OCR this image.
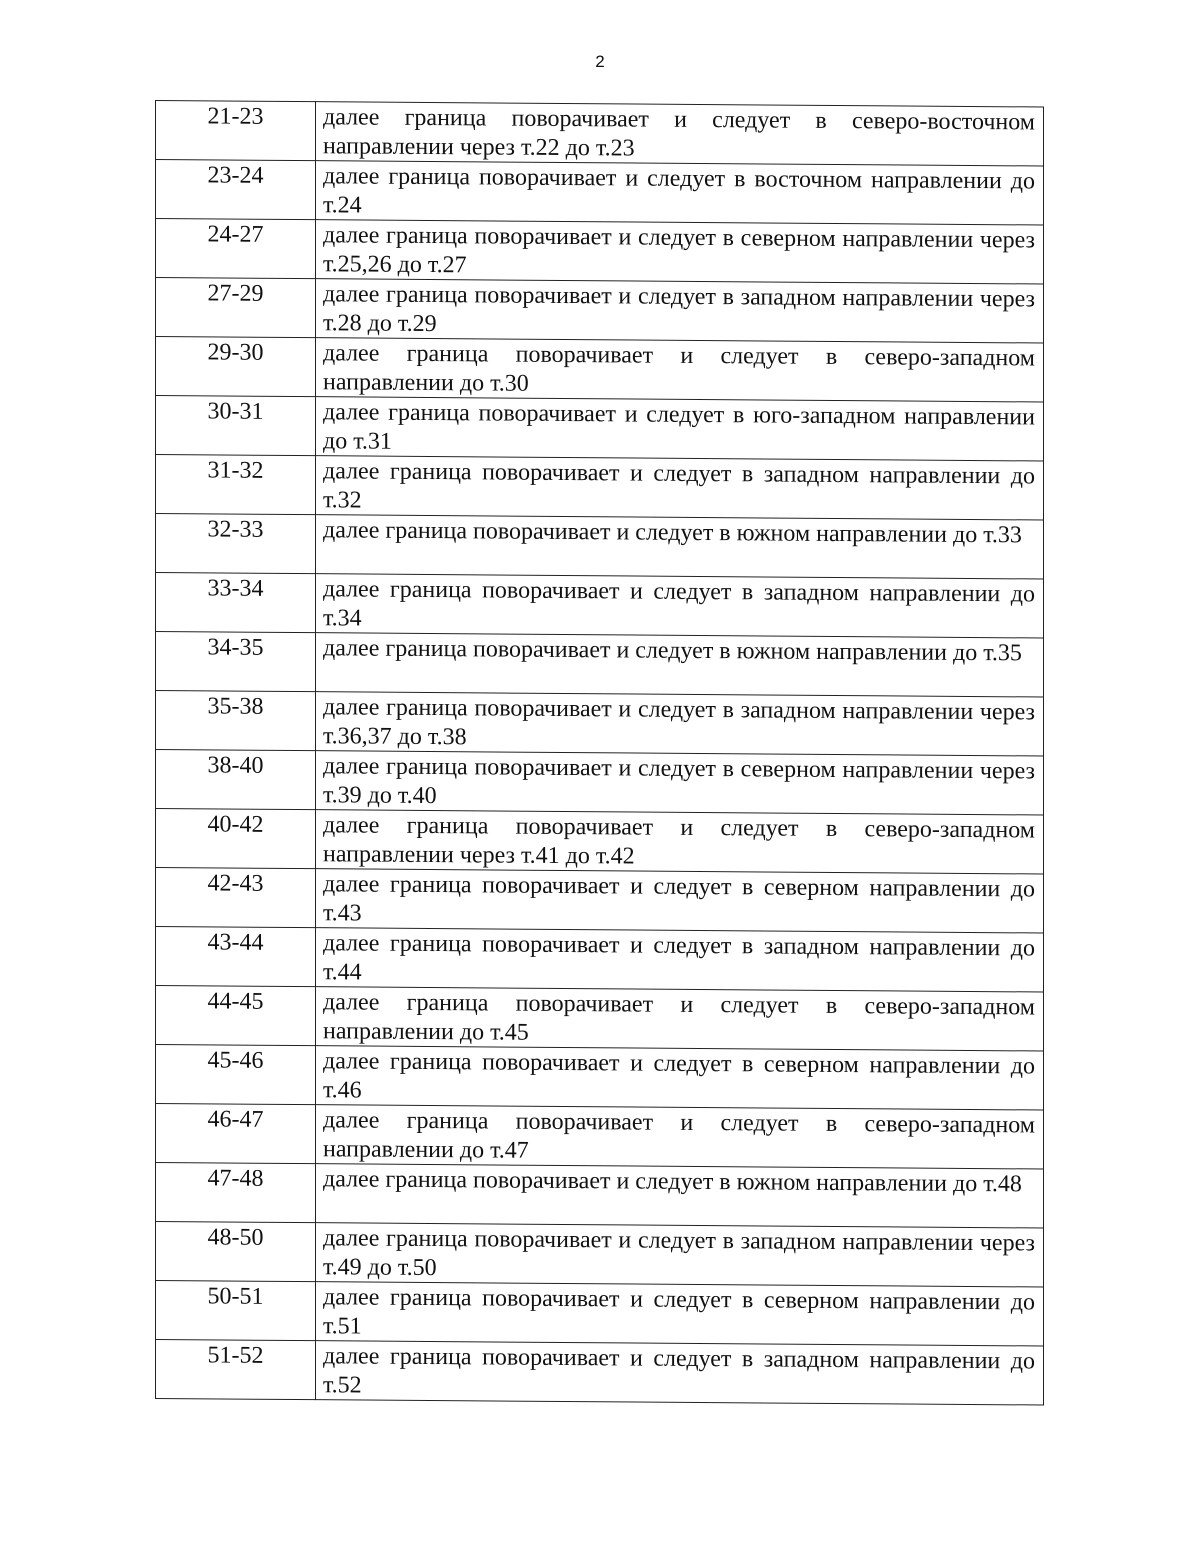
2
21-23	далее граница поворачивает и следует в северо-восточном направлении через т.22 до т.23
23-24	далее граница поворачивает и следует в восточном направлении до т.24
24-27	далее граница поворачивает и следует в северном направлении через т.25,26 до т.27
27-29	далее граница поворачивает и следует в западном направлении через т.28 до т.29
29-30	далее граница поворачивает и следует в северо-западном направлении до т.30
30-31	далее граница поворачивает и следует в юго-западном направлении до т.31
31-32	далее граница поворачивает и следует в западном направлении до т.32
32-33	далее граница поворачивает и следует в южном направлении до т.33
33-34	далее граница поворачивает и следует в западном направлении до т.34
34-35	далее граница поворачивает и следует в южном направлении до т.35
35-38	далее граница поворачивает и следует в западном направлении через т.36,37 до т.38
38-40	далее граница поворачивает и следует в северном направлении через т.39 до т.40
40-42	далее граница поворачивает и следует в северо-западном направлении через т.41 до т.42
42-43	далее граница поворачивает и следует в северном направлении до т.43
43-44	далее граница поворачивает и следует в западном направлении до т.44
44-45	далее граница поворачивает и следует в северо-западном направлении до т.45
45-46	далее граница поворачивает и следует в северном направлении до т.46
46-47	далее граница поворачивает и следует в северо-западном направлении до т.47
47-48	далее граница поворачивает и следует в южном направлении до т.48
48-50	далее граница поворачивает и следует в западном направлении через т.49 до т.50
50-51	далее граница поворачивает и следует в северном направлении до т.51
51-52	далее граница поворачивает и следует в западном направлении до т.52
